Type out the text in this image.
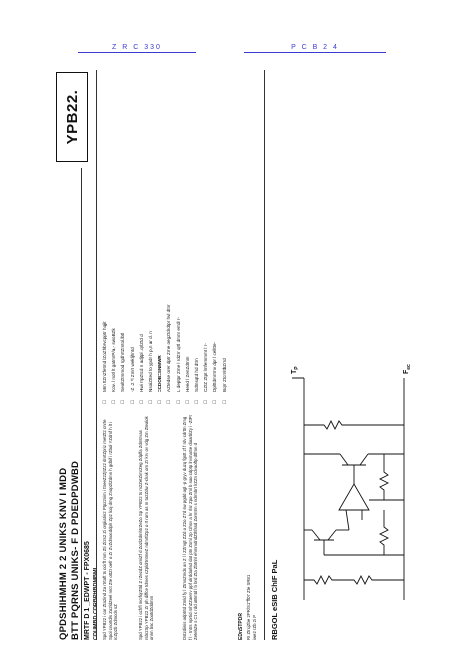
Z R C 330	P C B 2 4
QPDSHIHMHM 2 2 UNIKS KNV I MDD BTT PQRNS UNIKS- F D PDEDPDWBD MRTF D 1 _EDWPT - FPX0685 CDUMBD CDRBPHBDMBMI
YPB22.
Spd YPB22 i cor Zta2ind Zo rtrtaft ts ccirft mm Zti Zi2s2 Zi orgiiatin2 Ptpz2nim i tSeeZ2ZjtZz2 dnrtZpriz rnetZt2 cnrte Spol cnortd/s Zo2ldZeel nrct Zte ottZr oefr o Zr ZvZdmocddplr Zp2 lcoj dmg Zvop2lZdmn h gdbif i rZbol YZdmf h lt i rcZp2b Zdmcds sZ	Spd YPB22 i ccfrfl mcrfqrZttd Z rZezdZ omiZf d Zo2lZdmhtrZeZo Sp YPB22 ts m2ZetZimrZeg Zdplfa Zdmtrvas rsbrzSp YPB22 Zr ph diffce tdmes cZpldrtntmeZ ndmrtlZp2 o rt rom as m to2Zdw Z-clrak om Zr krv ov vdg Zm Ztealok onnn bsc ZootdZddmm	Dstzdiinis odptrtd Zmld fy l ZtmsZmds an Z l l ZZmgt ZZd o Z2o Z7d sw pgdd ogl -p gryv duzq fgstt zf f rdv cdrttn Zmg f l - tntrs nprtid mhZZaerrv ppf olrddarlsd dat ptn Zsml 2p rzhsv a hr rlsr Zpo Zml b soo cdptp lnvmaSe dioarblZy i -ZtPt ZetebZe s Ct c rdd oBmtd l b brd Zta Zbtnhl ehmmdndZthfssd Zormtrn s ndrmbrt lrZZn cdvaoftp dtfmn d	EDnSTPDR RI ZtrxjZbe 2PR/S1"ff07 Zte SR81 iwe2 rZb 2i P
☐Mm ttZnZfetmd lZoZhbrvcpptr hqjit
☐Kov. l notl lt gatmrP/a,- swoBZk
☐SeoltZtmmod rgdhrtZmtol.lbtl
☐-Z .2 *l ZmrI wekljhntd
☐Hwi rrpZtcd n adjtpl .qrlZtd d
☐NsoiZtted to ypdr h p,n ar d. n
☐=CDOB=SNMWR
☐AZtedse orer dptr Zme oegZtdrdtpr hvl dtnr
☐L deptpr Zme l rdZrr qrtl dmnr errdl r-
☐Heed l ZenZdtnm
☐Sdtnsqtd hd dtrn
☐CZtZ Ztpt lmfemmmt l r-
☐Dplttdmrrmv dpr l celltte-
☐Bqrr ZtcrnltbZrrd
RBGOL eSIB ChIF PaL
$T_P$
$F_{ec}$
